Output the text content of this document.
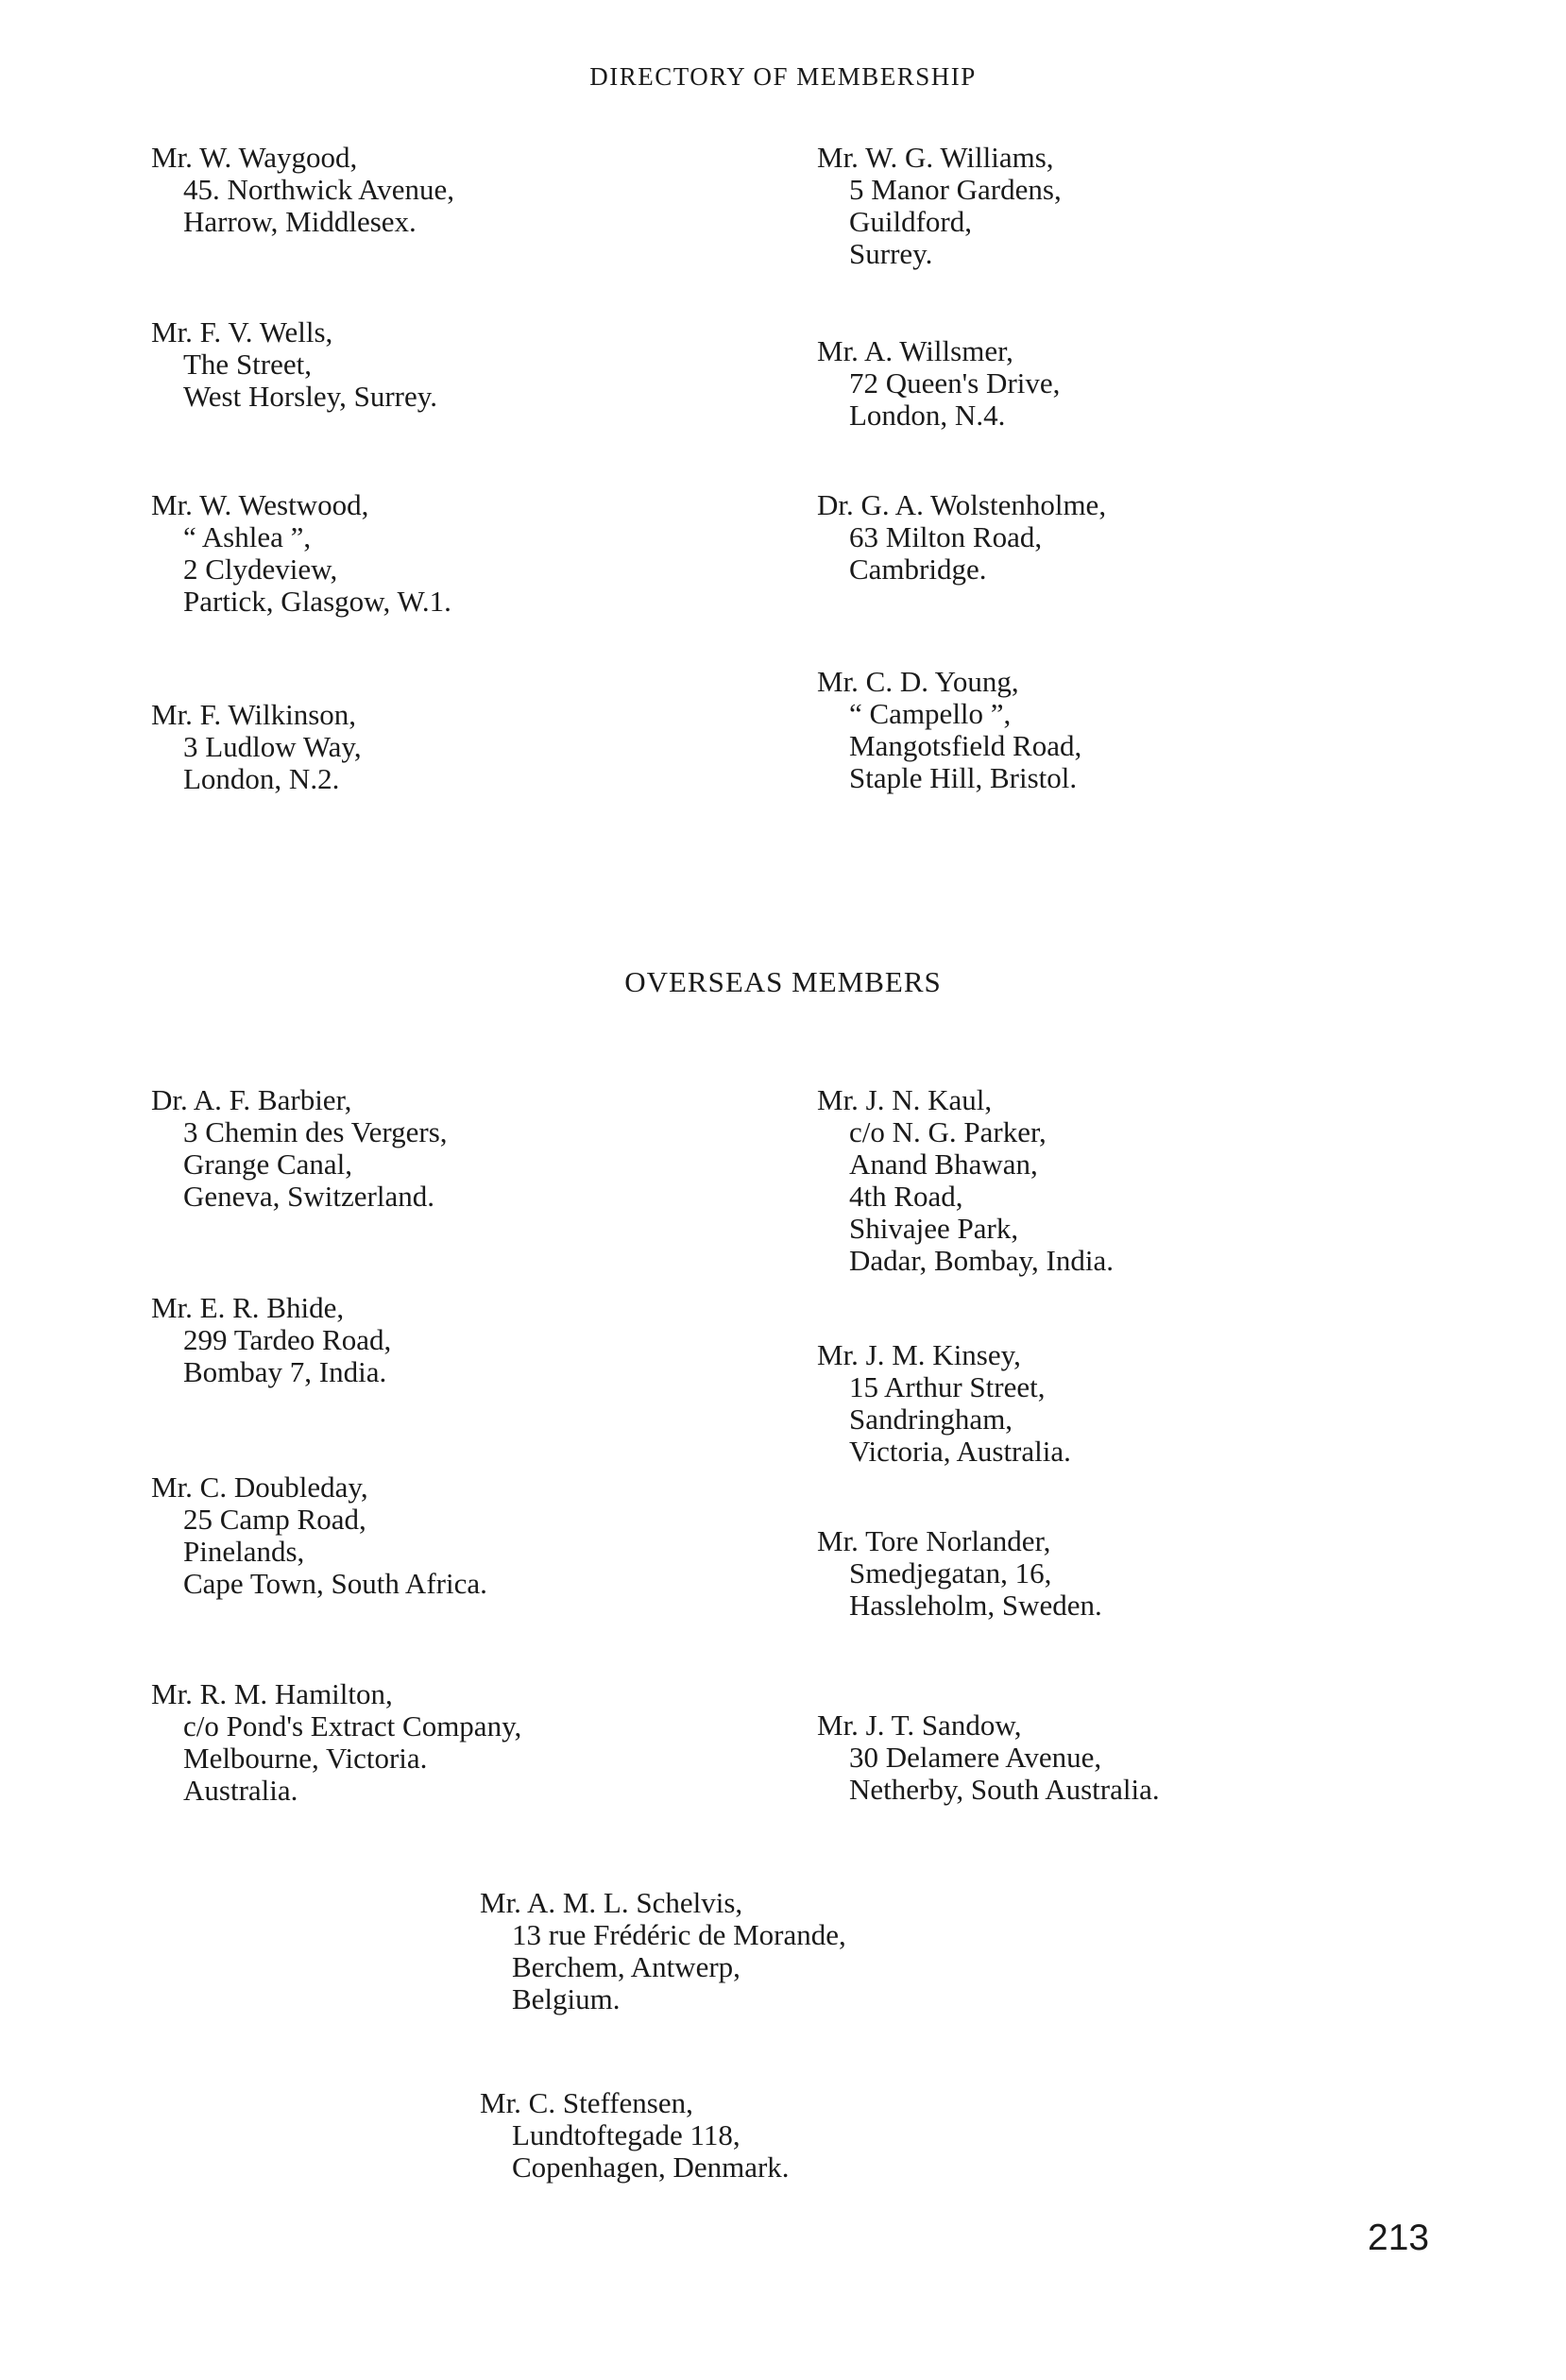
DIRECTORY OF MEMBERSHIP
Mr. W. Waygood,
45. Northwick Avenue,
Harrow, Middlesex.
Mr. F. V. Wells,
The Street,
West Horsley, Surrey.
Mr. W. Westwood,
“ Ashlea ”,
2 Clydeview,
Partick, Glasgow, W.1.
Mr. F. Wilkinson,
3 Ludlow Way,
London, N.2.
Mr. W. G. Williams,
5 Manor Gardens,
Guildford,
Surrey.
Mr. A. Willsmer,
72 Queen's Drive,
London, N.4.
Dr. G. A. Wolstenholme,
63 Milton Road,
Cambridge.
Mr. C. D. Young,
“ Campello ”,
Mangotsfield Road,
Staple Hill, Bristol.
OVERSEAS MEMBERS
Dr. A. F. Barbier,
3 Chemin des Vergers,
Grange Canal,
Geneva, Switzerland.
Mr. E. R. Bhide,
299 Tardeo Road,
Bombay 7, India.
Mr. C. Doubleday,
25 Camp Road,
Pinelands,
Cape Town, South Africa.
Mr. R. M. Hamilton,
c/o Pond's Extract Company,
Melbourne, Victoria.
Australia.
Mr. J. N. Kaul,
c/o N. G. Parker,
Anand Bhawan,
4th Road,
Shivajee Park,
Dadar, Bombay, India.
Mr. J. M. Kinsey,
15 Arthur Street,
Sandringham,
Victoria, Australia.
Mr. Tore Norlander,
Smedjegatan, 16,
Hassleholm, Sweden.
Mr. J. T. Sandow,
30 Delamere Avenue,
Netherby, South Australia.
Mr. A. M. L. Schelvis,
13 rue Frédéric de Morande,
Berchem, Antwerp,
Belgium.
Mr. C. Steffensen,
Lundtoftegade 118,
Copenhagen, Denmark.
213
